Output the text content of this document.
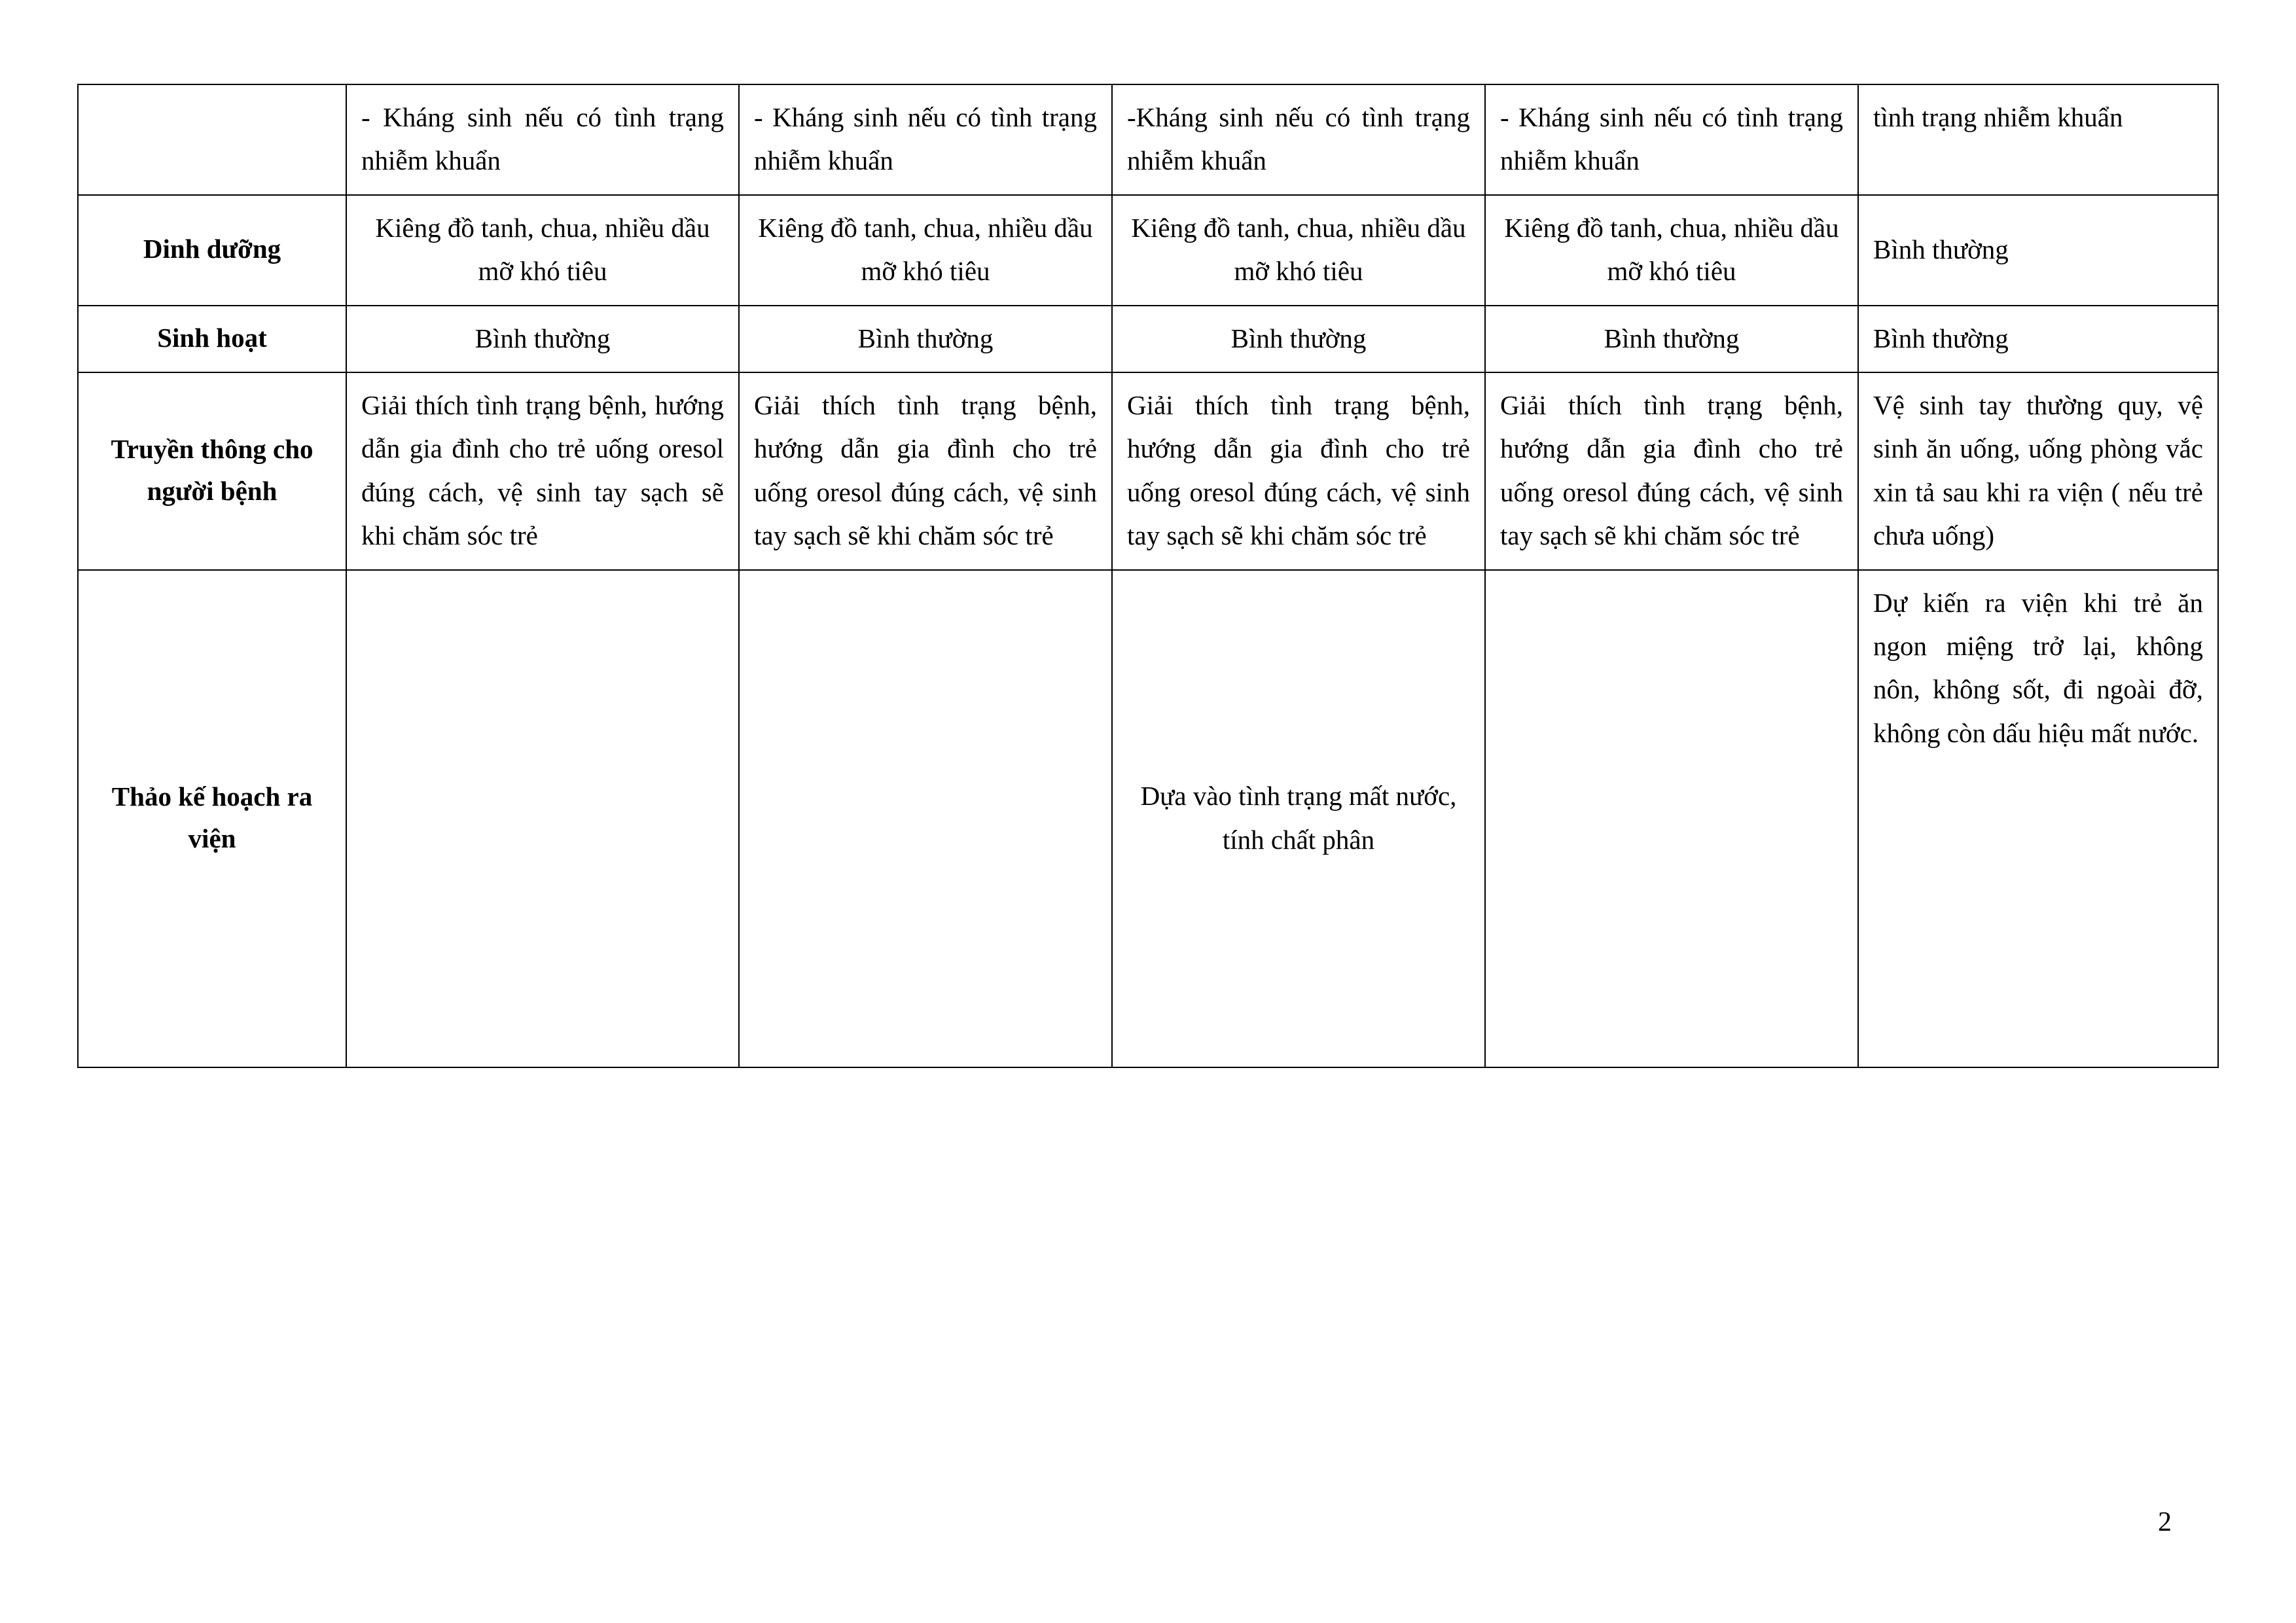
	- Kháng sinh nếu có tình trạng nhiễm khuẩn	- Kháng sinh nếu có tình trạng nhiễm khuẩn	-Kháng sinh nếu có tình trạng nhiễm khuẩn	- Kháng sinh nếu có tình trạng nhiễm khuẩn	tình trạng nhiễm khuẩn
Dinh dưỡng	Kiêng đồ tanh, chua, nhiều dầu mỡ khó tiêu	Kiêng đồ tanh, chua, nhiều dầu mỡ khó tiêu	Kiêng đồ tanh, chua, nhiều dầu mỡ khó tiêu	Kiêng đồ tanh, chua, nhiều dầu mỡ khó tiêu	Bình thường
Sinh hoạt	Bình thường	Bình thường	Bình thường	Bình thường	Bình thường
Truyền thông cho người bệnh	Giải thích tình trạng bệnh, hướng dẫn gia đình cho trẻ uống oresol đúng cách, vệ sinh tay sạch sẽ khi chăm sóc trẻ	Giải thích tình trạng bệnh, hướng dẫn gia đình cho trẻ uống oresol đúng cách, vệ sinh tay sạch sẽ khi chăm sóc trẻ	Giải thích tình trạng bệnh, hướng dẫn gia đình cho trẻ uống oresol đúng cách, vệ sinh tay sạch sẽ khi chăm sóc trẻ	Giải thích tình trạng bệnh, hướng dẫn gia đình cho trẻ uống oresol đúng cách, vệ sinh tay sạch sẽ khi chăm sóc trẻ	Vệ sinh tay thường quy, vệ sinh ăn uống, uống phòng vắc xin tả sau khi ra viện ( nếu trẻ chưa uống)
Thảo kế hoạch ra viện			Dựa vào tình trạng mất nước, tính chất phân		Dự kiến ra viện khi trẻ ăn ngon miệng trở lại, không nôn, không sốt, đi ngoài đỡ, không còn dấu hiệu mất nước.
2
